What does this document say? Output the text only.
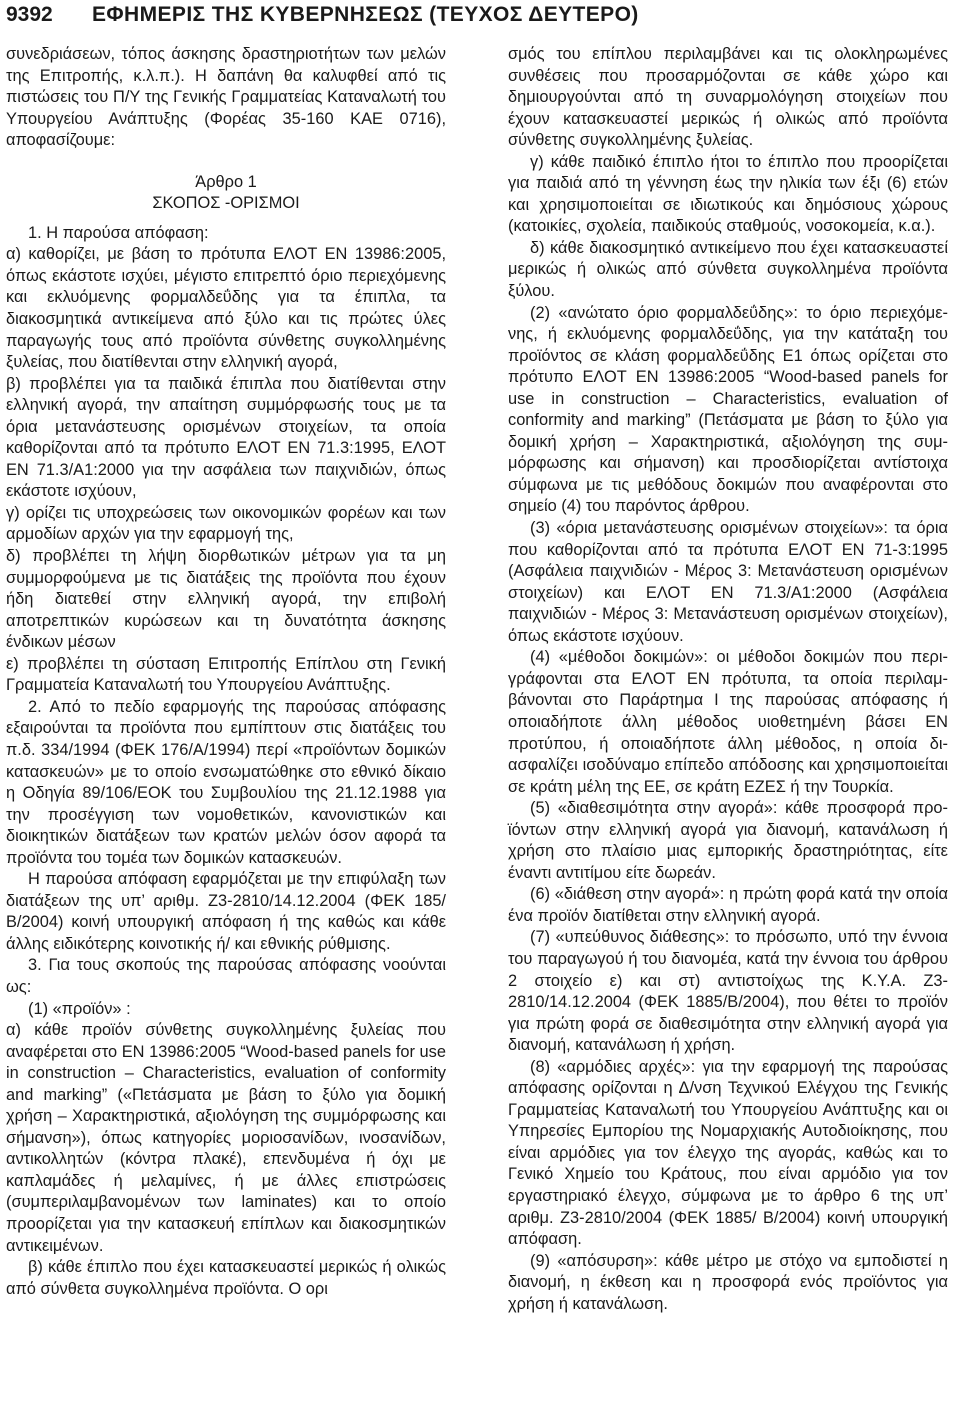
9392 ΕΦΗΜΕΡΙΣ ΤΗΣ ΚΥΒΕΡΝΗΣΕΩΣ (ΤΕΥΧΟΣ ΔΕΥΤΕΡΟ)

συνεδριάσεων, τόπος άσκησης δραστηριοτήτων των μελών της Επιτροπής, κ.λ.π.). Η δαπάνη θα καλυφθεί από τις πιστώσεις του Π/Υ της Γενικής Γραμματείας Καταναλωτή του Υπουργείου Ανάπτυξης (Φορέας 35-160 ΚΑΕ 0716), αποφασίζουμε:

Άρθρο 1

ΣΚΟΠΟΣ -ΟΡΙΣΜΟΙ

1. Η παρούσα απόφαση:

α) καθορίζει, με βάση το πρότυπα ΕΛΟΤ ΕΝ 13986:2005, όπως εκάστοτε ισχύει, μέγιστο επιτρεπτό όριο περιεχόμενης και εκλυόμενης φορμαλδεΰδης για τα έπιπλα, τα διακοσμητικά αντικείμενα από ξύλο και τις πρώτες ύλες παραγωγής τους από προϊόντα σύνθετης συγκολλημένης ξυλείας, που διατίθενται στην ελληνική αγορά,

β) προβλέπει για τα παιδικά έπιπλα που διατίθενται στην ελληνική αγορά, την απαίτηση συμμόρφωσής τους με τα όρια μετανάστευσης ορισμένων στοιχείων, τα οποία καθορίζονται από τα πρότυπο ΕΛΟΤ ΕΝ 71.3:1995, ΕΛΟΤ ΕΝ 71.3/Α1:2000 για την ασφάλεια των παιχνιδιών, όπως εκάστοτε ισχύουν,

γ) ορίζει τις υποχρεώσεις των οικονομικών φορέων και των αρμοδίων αρχών για την εφαρμογή της,

δ) προβλέπει τη λήψη διορθωτικών μέτρων για τα μη συμμορφούμενα με τις διατάξεις της προϊόντα που έχουν ήδη διατεθεί στην ελληνική αγορά, την επιβολή αποτρεπτικών κυρώσεων και τη δυνατότητα άσκησης ένδικων μέσων

ε) προβλέπει τη σύσταση Επιτροπής Επίπλου στη Γενική Γραμματεία Καταναλωτή του Υπουργείου Ανάπτυξης.

2. Από το πεδίο εφαρμογής της παρούσας απόφασης εξαιρούνται τα προϊόντα που εμπίπτουν στις διατάξεις του π.δ. 334/1994 (ΦΕΚ 176/Α/1994) περί «προϊόντων δομικών κατασκευών» με το οποίο ενσωματώθηκε στο εθνικό δίκαιο η Οδηγία 89/106/ΕΟΚ του Συμβουλίου της 21.12.1988 για την προσέγγιση των νομοθετικών, κανονιστικών και διοικητικών διατάξεων των κρατών μελών όσον αφορά τα προϊόντα του τομέα των δομικών κατασκευών.

Η παρούσα απόφαση εφαρμόζεται με την επιφύλαξη των διατάξεων της υπ’ αριθμ. Ζ3-2810/14.12.2004 (ΦΕΚ 185/Β/2004) κοινή υπουργική απόφαση ή της καθώς και κάθε άλλης ειδικότερης κοινοτικής ή/ και εθνικής ρύθμισης.

3. Για τους σκοπούς της παρούσας απόφασης νοούνται ως:

(1) «προϊόν» :

α) κάθε προϊόν σύνθετης συγκολλημένης ξυλείας που αναφέρεται στο ΕΝ 13986:2005 “Wood-based panels for use in construction – Characteristics, evaluation of conformity and marking” («Πετάσματα με βάση το ξύλο για δομική χρήση – Χαρακτηριστικά, αξιολόγηση της συμμόρφωσης και σήμανση»), όπως κατηγορίες μοριοσανίδων, ινοσανίδων, αντικολλητών (κόντρα πλακέ), επενδυμένα ή όχι με καπλαμάδες ή μελαμίνες, ή με άλλες επιστρώσεις (συμπεριλαμβανομένων των laminates) και το οποίο προορίζεται για την κατασκευή επίπλων και διακοσμητικών αντικειμένων.

β) κάθε έπιπλο που έχει κατασκευαστεί μερικώς ή ολικώς από σύνθετα συγκολλημένα προϊόντα. Ο ορι

σμός του επίπλου περιλαμβάνει και τις ολοκληρωμένες συνθέσεις που προσαρμόζονται σε κάθε χώρο και δημιουργούνται από τη συναρμολόγηση στοιχείων που έχουν κατασκευαστεί μερικώς ή ολικώς από προϊόντα σύνθετης συγκολλημένης ξυλείας.

γ) κάθε παιδικό έπιπλο ήτοι το έπιπλο που προορίζεται για παιδιά από τη γέννηση έως την ηλικία των έξι (6) ετών και χρησιμοποιείται σε ιδιωτικούς και δημόσιους χώρους (κατοικίες, σχολεία, παιδικούς σταθμούς, νοσοκομεία, κ.α.).

δ) κάθε διακοσμητικό αντικείμενο που έχει κατασκευαστεί μερικώς ή ολικώς από σύνθετα συγκολλημένα προϊόντα ξύλου.

(2) «ανώτατο όριο φορμαλδεΰδης»: το όριο περιεχόμενης, ή εκλυόμενης φορμαλδεΰδης, για την κατάταξη του προϊόντος σε κλάση φορμαλδεΰδης Ε1 όπως ορίζεται στο πρότυπο ΕΛΟΤ ΕΝ 13986:2005 “Wood-based panels for use in construction – Characteristics, evaluation of conformity and marking” (Πετάσματα με βάση το ξύλο για δομική χρήση – Χαρακτηριστικά, αξιολόγηση της συμμόρφωσης και σήμανση) και προσδιορίζεται αντίστοιχα σύμφωνα με τις μεθόδους δοκιμών που αναφέρονται στο σημείο (4) του παρόντος άρθρου.

(3) «όρια μετανάστευσης ορισμένων στοιχείων»: τα όρια που καθορίζονται από τα πρότυπα ΕΛΟΤ ΕΝ 71-3:1995 (Ασφάλεια παιχνιδιών - Μέρος 3: Μετανάστευση ορισμένων στοιχείων) και ΕΛΟΤ ΕΝ 71.3/Α1:2000 (Ασφάλεια παιχνιδιών - Μέρος 3: Μετανάστευση ορισμένων στοιχείων), όπως εκάστοτε ισχύουν.

(4) «μέθοδοι δοκιμών»: οι μέθοδοι δοκιμών που περιγράφονται στα ΕΛΟΤ ΕΝ πρότυπα, τα οποία περιλαμβάνονται στο Παράρτημα Ι της παρούσας απόφασης ή οποιαδήποτε άλλη μέθοδος υιοθετημένη βάσει ΕΝ προτύπου, ή οποιαδήποτε άλλη μέθοδος, η οποία διασφαλίζει ισοδύναμο επίπεδο απόδοσης και χρησιμοποιείται σε κράτη μέλη της ΕΕ, σε κράτη ΕΖΕΣ ή την Τουρκία.

(5) «διαθεσιμότητα στην αγορά»: κάθε προσφορά προϊόντων στην ελληνική αγορά για διανομή, κατανάλωση ή χρήση στο πλαίσιο μιας εμπορικής δραστηριότητας, είτε έναντι αντιτίμου είτε δωρεάν.

(6) «διάθεση στην αγορά»: η πρώτη φορά κατά την οποία ένα προϊόν διατίθεται στην ελληνική αγορά.

(7) «υπεύθυνος διάθεσης»: το πρόσωπο, υπό την έννοια του παραγωγού ή του διανομέα, κατά την έννοια του άρθρου 2 στοιχείο ε) και στ) αντιστοίχως της Κ.Υ.Α. Ζ3-2810/14.12.2004 (ΦΕΚ 1885/Β/2004), που θέτει το προϊόν για πρώτη φορά σε διαθεσιμότητα στην ελληνική αγορά για διανομή, κατανάλωση ή χρήση.

(8) «αρμόδιες αρχές»: για την εφαρμογή της παρούσας απόφασης ορίζονται η Δ/νση Τεχνικού Ελέγχου της Γενικής Γραμματείας Καταναλωτή του Υπουργείου Ανάπτυξης και οι Υπηρεσίες Εμπορίου της Νομαρχιακής Αυτοδιοίκησης, που είναι αρμόδιες για τον έλεγχο της αγοράς, καθώς και το Γενικό Χημείο του Κράτους, που είναι αρμόδιο για τον εργαστηριακό έλεγχο, σύμφωνα με το άρθρο 6 της υπ’ αριθμ. Ζ3-2810/2004 (ΦΕΚ 1885/ Β/2004) κοινή υπουργική απόφαση.

(9) «απόσυρση»: κάθε μέτρο με στόχο να εμποδιστεί η διανομή, η έκθεση και η προσφορά ενός προϊόντος για χρήση ή κατανάλωση.
